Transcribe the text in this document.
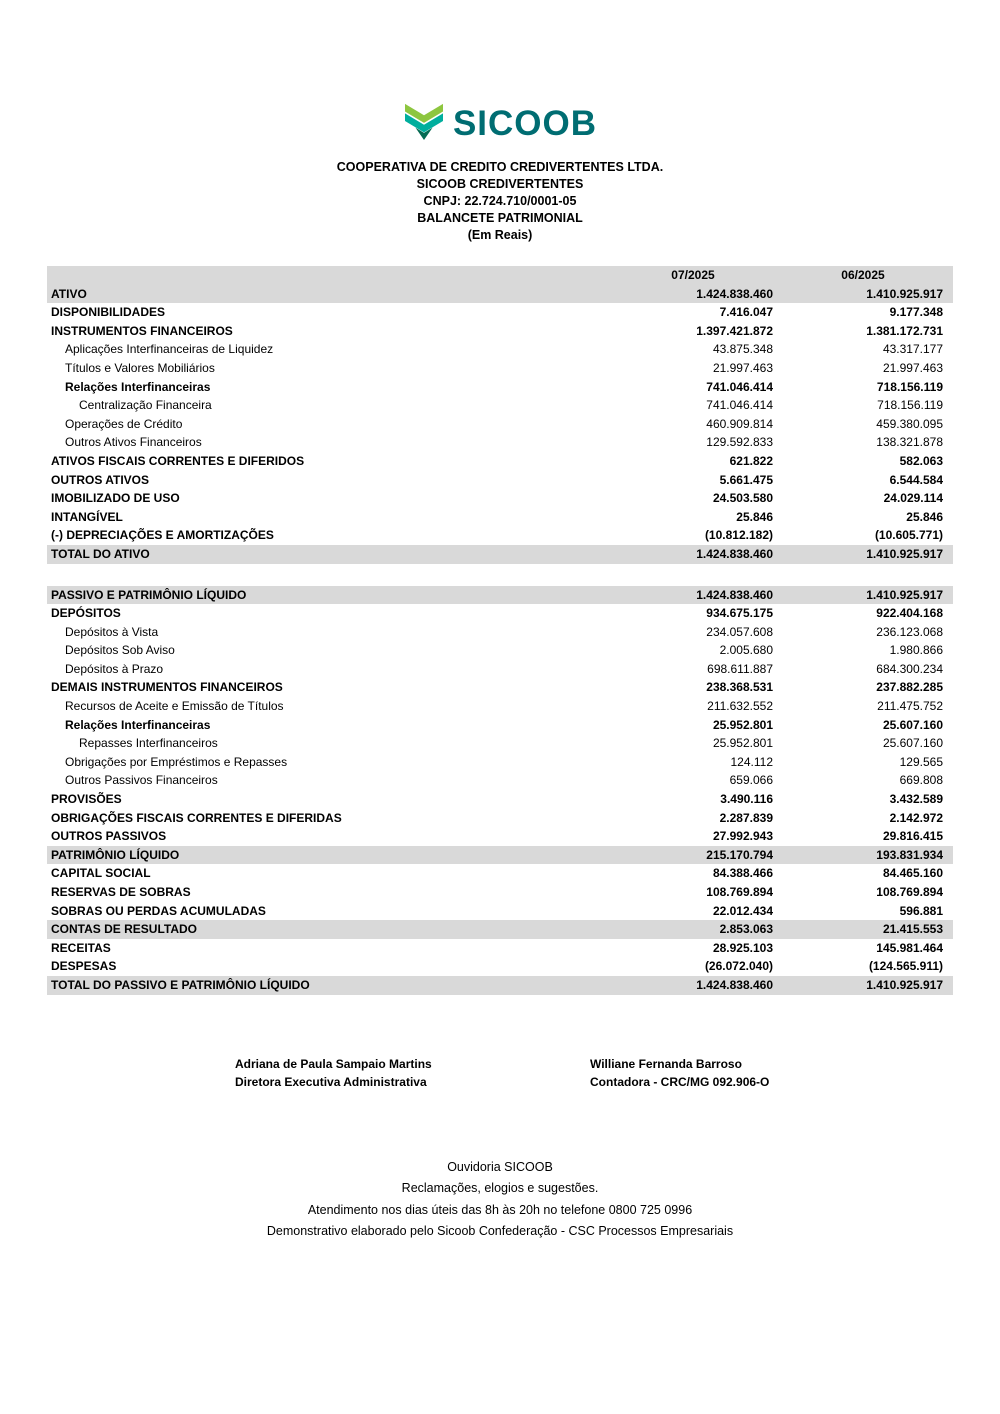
SICOOB
COOPERATIVA DE CREDITO CREDIVERTENTES LTDA.
SICOOB CREDIVERTENTES
CNPJ: 22.724.710/0001-05
BALANCETE PATRIMONIAL
(Em Reais)
07/2025	06/2025
ATIVO	1.424.838.460	1.410.925.917
DISPONIBILIDADES	7.416.047	9.177.348
INSTRUMENTOS FINANCEIROS	1.397.421.872	1.381.172.731
Aplicações Interfinanceiras de Liquidez	43.875.348	43.317.177
Títulos e Valores Mobiliários	21.997.463	21.997.463
Relações Interfinanceiras	741.046.414	718.156.119
Centralização Financeira	741.046.414	718.156.119
Operações de Crédito	460.909.814	459.380.095
Outros Ativos Financeiros	129.592.833	138.321.878
ATIVOS FISCAIS CORRENTES E DIFERIDOS	621.822	582.063
OUTROS ATIVOS	5.661.475	6.544.584
IMOBILIZADO DE USO	24.503.580	24.029.114
INTANGÍVEL	25.846	25.846
(-) DEPRECIAÇÕES E AMORTIZAÇÕES	(10.812.182)	(10.605.771)
TOTAL DO ATIVO	1.424.838.460	1.410.925.917
PASSIVO E PATRIMÔNIO LÍQUIDO	1.424.838.460	1.410.925.917
DEPÓSITOS	934.675.175	922.404.168
Depósitos à Vista	234.057.608	236.123.068
Depósitos Sob Aviso	2.005.680	1.980.866
Depósitos à Prazo	698.611.887	684.300.234
DEMAIS INSTRUMENTOS FINANCEIROS	238.368.531	237.882.285
Recursos de Aceite e Emissão de Títulos	211.632.552	211.475.752
Relações Interfinanceiras	25.952.801	25.607.160
Repasses Interfinanceiros	25.952.801	25.607.160
Obrigações por Empréstimos e Repasses	124.112	129.565
Outros Passivos Financeiros	659.066	669.808
PROVISÕES	3.490.116	3.432.589
OBRIGAÇÕES FISCAIS CORRENTES E DIFERIDAS	2.287.839	2.142.972
OUTROS PASSIVOS	27.992.943	29.816.415
PATRIMÔNIO LÍQUIDO	215.170.794	193.831.934
CAPITAL SOCIAL	84.388.466	84.465.160
RESERVAS DE SOBRAS	108.769.894	108.769.894
SOBRAS OU PERDAS ACUMULADAS	22.012.434	596.881
CONTAS DE RESULTADO	2.853.063	21.415.553
RECEITAS	28.925.103	145.981.464
DESPESAS	(26.072.040)	(124.565.911)
TOTAL DO PASSIVO E PATRIMÔNIO LÍQUIDO	1.424.838.460	1.410.925.917
Adriana de Paula Sampaio Martins
Diretora Executiva Administrativa
Williane Fernanda Barroso
Contadora - CRC/MG 092.906-O
Ouvidoria SICOOB
Reclamações, elogios e sugestões.
Atendimento nos dias úteis das 8h às 20h no telefone 0800 725 0996
Demonstrativo elaborado pelo Sicoob Confederação - CSC Processos Empresariais
